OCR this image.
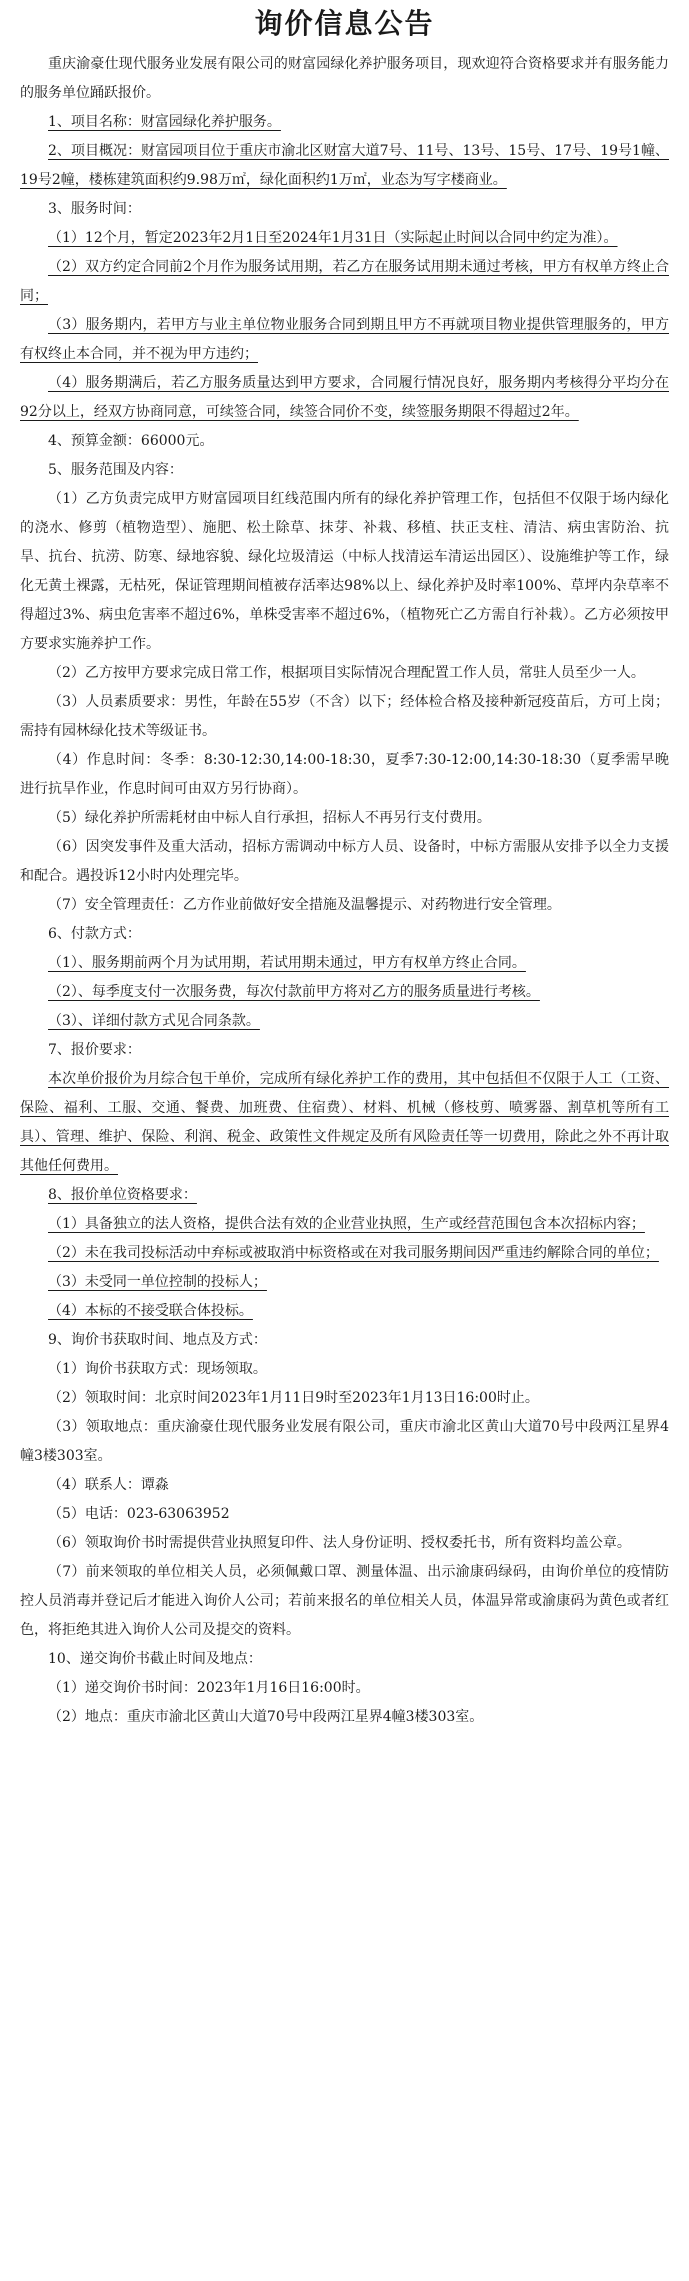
询价信息公告

重庆渝豪仕现代服务业发展有限公司的财富园绿化养护服务项目，现欢迎符合资格要求并有服务能力的服务单位踊跃报价。

1、项目名称：财富园绿化养护服务。

2、项目概况：财富园项目位于重庆市渝北区财富大道7号、11号、13号、15号、17号、19号1幢、19号2幢，楼栋建筑面积约9.98万㎡，绿化面积约1万㎡，业态为写字楼商业。

3、服务时间：

（1）12个月，暂定2023年2月1日至2024年1月31日（实际起止时间以合同中约定为准）。

（2）双方约定合同前2个月作为服务试用期，若乙方在服务试用期未通过考核，甲方有权单方终止合同；

（3）服务期内，若甲方与业主单位物业服务合同到期且甲方不再就项目物业提供管理服务的，甲方有权终止本合同，并不视为甲方违约；

（4）服务期满后，若乙方服务质量达到甲方要求，合同履行情况良好，服务期内考核得分平均分在92分以上，经双方协商同意，可续签合同，续签合同价不变，续签服务期限不得超过2年。

4、预算金额：66000元。

5、服务范围及内容：

（1）乙方负责完成甲方财富园项目红线范围内所有的绿化养护管理工作，包括但不仅限于场内绿化的浇水、修剪（植物造型）、施肥、松土除草、抹芽、补栽、移植、扶正支柱、清洁、病虫害防治、抗旱、抗台、抗涝、防寒、绿地容貌、绿化垃圾清运（中标人找清运车清运出园区）、设施维护等工作，绿化无黄土裸露，无枯死，保证管理期间植被存活率达98%以上、绿化养护及时率100%、草坪内杂草率不得超过3%、病虫危害率不超过6%，单株受害率不超过6%，（植物死亡乙方需自行补栽）。乙方必须按甲方要求实施养护工作。

（2）乙方按甲方要求完成日常工作，根据项目实际情况合理配置工作人员，常驻人员至少一人。

（3）人员素质要求：男性，年龄在55岁（不含）以下；经体检合格及接种新冠疫苗后，方可上岗；需持有园林绿化技术等级证书。

（4）作息时间：冬季：8:30-12:30,14:00-18:30，夏季7:30-12:00,14:30-18:30（夏季需早晚进行抗旱作业，作息时间可由双方另行协商）。

（5）绿化养护所需耗材由中标人自行承担，招标人不再另行支付费用。

（6）因突发事件及重大活动，招标方需调动中标方人员、设备时，中标方需服从安排予以全力支援和配合。遇投诉12小时内处理完毕。

（7）安全管理责任：乙方作业前做好安全措施及温馨提示、对药物进行安全管理。

6、付款方式：

（1）、服务期前两个月为试用期，若试用期未通过，甲方有权单方终止合同。

（2）、每季度支付一次服务费，每次付款前甲方将对乙方的服务质量进行考核。

（3）、详细付款方式见合同条款。

7、报价要求：

本次单价报价为月综合包干单价，完成所有绿化养护工作的费用，其中包括但不仅限于人工（工资、保险、福利、工服、交通、餐费、加班费、住宿费）、材料、机械（修枝剪、喷雾器、割草机等所有工具）、管理、维护、保险、利润、税金、政策性文件规定及所有风险责任等一切费用，除此之外不再计取其他任何费用。

8、报价单位资格要求：

（1）具备独立的法人资格，提供合法有效的企业营业执照，生产或经营范围包含本次招标内容；

（2）未在我司投标活动中弃标或被取消中标资格或在对我司服务期间因严重违约解除合同的单位；

（3）未受同一单位控制的投标人；

（4）本标的不接受联合体投标。

9、询价书获取时间、地点及方式：

（1）询价书获取方式：现场领取。

（2）领取时间：北京时间2023年1月11日9时至2023年1月13日16:00时止。

（3）领取地点：重庆渝豪仕现代服务业发展有限公司，重庆市渝北区黄山大道70号中段两江星界4幢3楼303室。

（4）联系人：谭淼

（5）电话：023-63063952

（6）领取询价书时需提供营业执照复印件、法人身份证明、授权委托书，所有资料均盖公章。

（7）前来领取的单位相关人员，必须佩戴口罩、测量体温、出示渝康码绿码，由询价单位的疫情防控人员消毒并登记后才能进入询价人公司；若前来报名的单位相关人员，体温异常或渝康码为黄色或者红色，将拒绝其进入询价人公司及提交的资料。

10、递交询价书截止时间及地点：

（1）递交询价书时间：2023年1月16日16:00时。

（2）地点：重庆市渝北区黄山大道70号中段两江星界4幢3楼303室。
